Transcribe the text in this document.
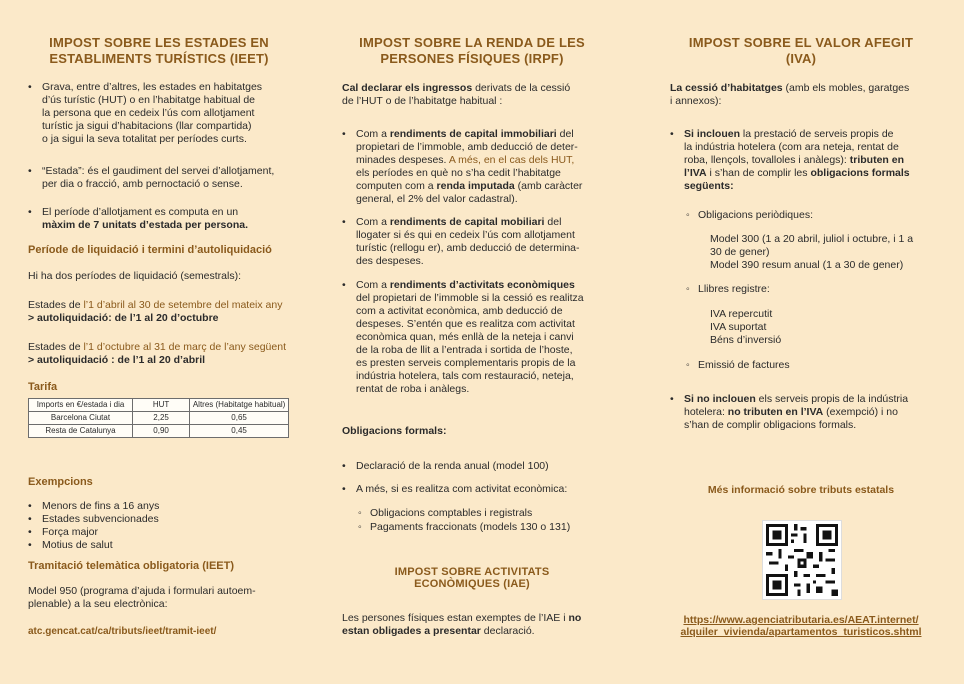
IMPOST SOBRE LES ESTADES EN
ESTABLIMENTS TURÍSTICS (IEET)
• Grava, entre d’altres, les estades en habitatges
d’ús turístic (HUT) o en l’habitatge habitual de
la persona que en cedeix l’ús com allotjament
turístic ja sigui d’habitacions (llar compartida)
o ja sigui la seva totalitat per períodes curts.
• “Estada”: és el gaudiment del servei d’allotjament,
per dia o fracció, amb pernoctació o sense.
• El període d’allotjament es computa en un
màxim de 7 unitats d’estada per persona.
Període de liquidació i termini d’autoliquidació
Hi ha dos períodes de liquidació (semestrals):
Estades de l’1 d’abril al 30 de setembre del mateix any
> autoliquidació: de l’1 al 20 d’octubre
Estades de l’1 d’octubre al 31 de març de l’any següent
> autoliquidació : de l’1 al 20 d’abril
Tarifa
Imports en €/estada i dia	HUT	Altres (Habitatge habitual)
Barcelona Ciutat	2,25	0,65
Resta de Catalunya	0,90	0,45
Exempcions
• Menors de fins a 16 anys
• Estades subvencionades
• Força major
• Motius de salut
Tramitació telemàtica obligatoria (IEET)
Model 950 (programa d’ajuda i formulari autoem-
plenable) a la seu electrònica:
atc.gencat.cat/ca/tributs/ieet/tramit-ieet/
IMPOST SOBRE LA RENDA DE LES
PERSONES FÍSIQUES (IRPF)
Cal declarar els ingressos derivats de la cessió
de l’HUT o de l’habitatge habitual :
• Com a rendiments de capital immobiliari del
propietari de l’immoble, amb deducció de deter-
minades despeses. A més, en el cas dels HUT,
els períodes en què no s’ha cedit l’habitatge
computen com a renda imputada (amb caràcter
general, el 2% del valor cadastral).
• Com a rendiments de capital mobiliari del
llogater si és qui en cedeix l’ús com allotjament
turístic (rellogu er), amb deducció de determina-
des despeses.
• Com a rendiments d’activitats econòmiques
del propietari de l’immoble si la cessió es realitza
com a activitat econòmica, amb deducció de
despeses. S’entén que es realitza com activitat
econòmica quan, més enllà de la neteja i canvi
de la roba de llit a l’entrada i sortida de l’hoste,
es presten serveis complementaris propis de la
indústria hotelera, tals com restauració, neteja,
rentat de roba i anàlegs.
Obligacions formals:
• Declaració de la renda anual (model 100)
• A més, si es realitza com activitat econòmica:
◦ Obligacions comptables i registrals
◦ Pagaments fraccionats (models 130 o 131)
IMPOST SOBRE ACTIVITATS
ECONÒMIQUES (IAE)
Les persones físiques estan exemptes de l’IAE i no
estan obligades a presentar declaració.
IMPOST SOBRE EL VALOR AFEGIT
(IVA)
La cessió d’habitatges (amb els mobles, garatges
i annexos):
• Si inclouen la prestació de serveis propis de
la indústria hotelera (com ara neteja, rentat de
roba, llençols, tovalloles i anàlegs): tributen en
l’IVA i s’han de complir les obligacions formals
següents:
◦ Obligacions periòdiques:
Model 300 (1 a 20 abril, juliol i octubre, i 1 a
30 de gener)
Model 390 resum anual (1 a 30 de gener)
◦ Llibres registre:
IVA repercutit
IVA suportat
Béns d’inversió
◦ Emissió de factures
• Si no inclouen els serveis propis de la indústria
hotelera: no tributen en l’IVA (exempció) i no
s’han de complir obligacions formals.
Més informació sobre tributs estatals
https://www.agenciatributaria.es/AEAT.internet/
alquiler_vivienda/apartamentos_turisticos.shtml
